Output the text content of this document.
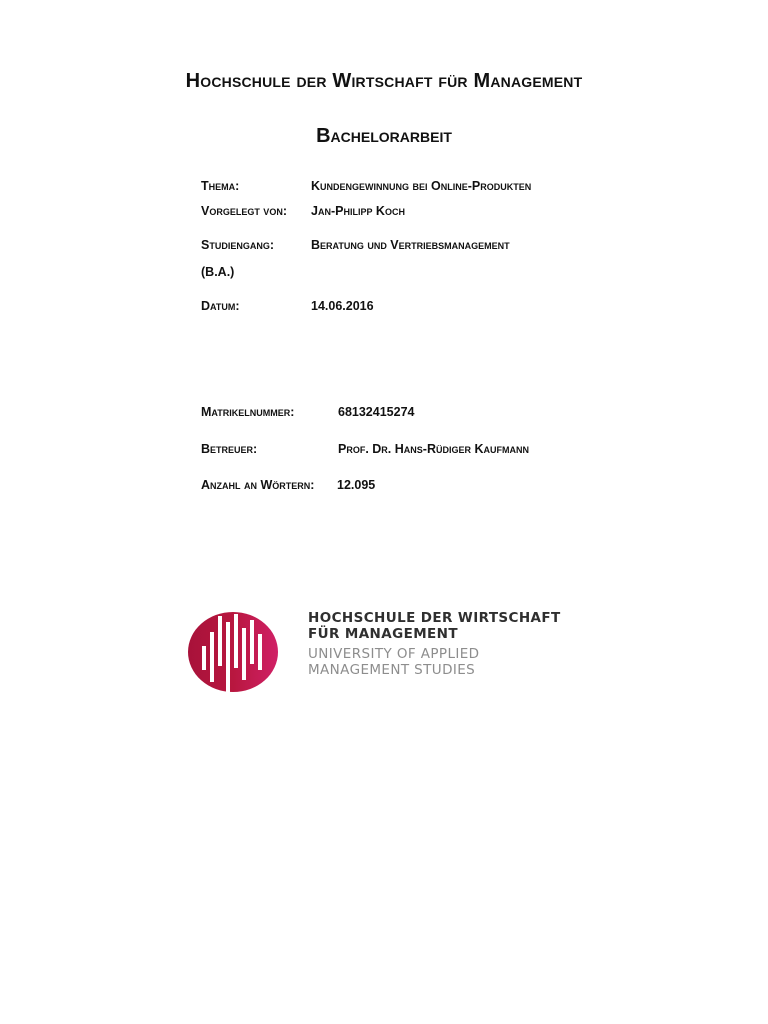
Hochschule der Wirtschaft für Management
Bachelorarbeit
Thema:	Kundengewinnung bei Online-Produkten
Vorgelegt von: Jan-Philipp Koch
Studiengang:	Beratung und Vertriebsmanagement
(B.A.)
Datum:	14.06.2016
Matrikelnummer:	68132415274
Betreuer:	Prof. Dr. Hans-Rüdiger Kaufmann
Anzahl an Wörtern: 12.095
HOCHSCHULE DER WIRTSCHAFT
FÜR MANAGEMENT
UNIVERSITY OF APPLIED
MANAGEMENT STUDIES
